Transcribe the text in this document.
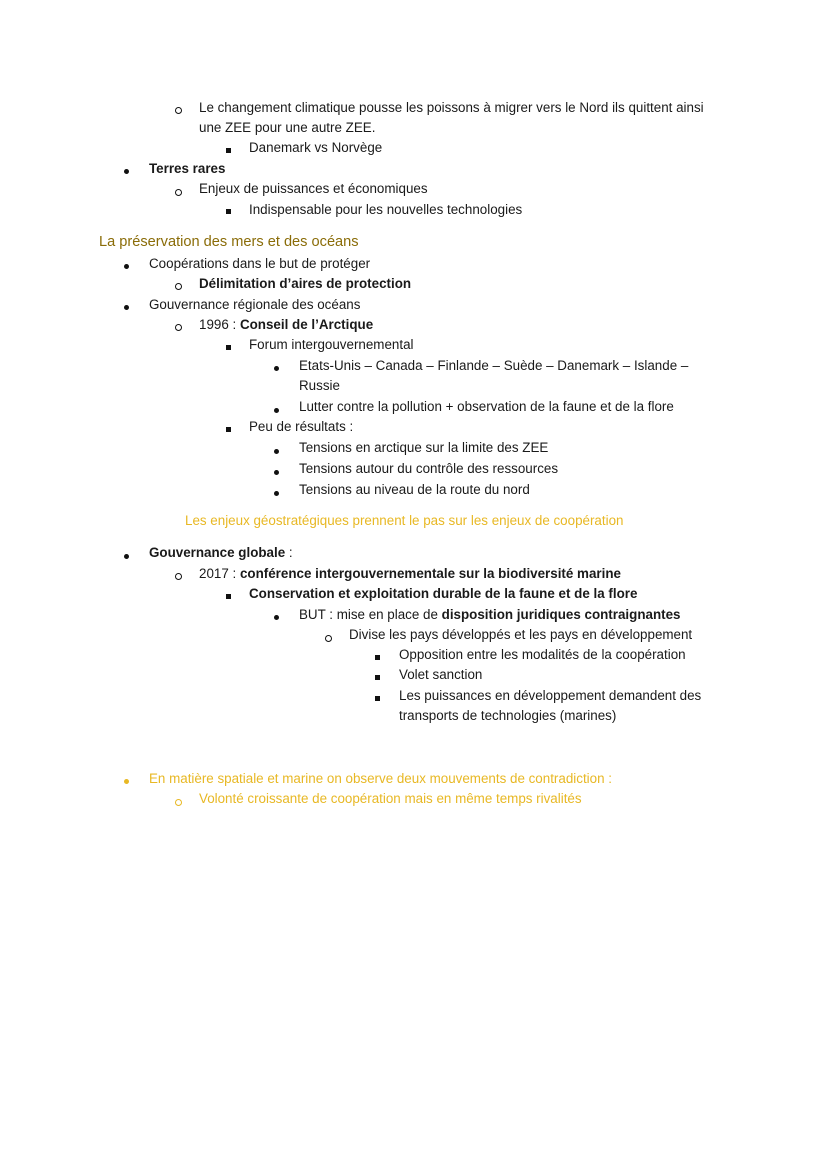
Le changement climatique pousse les poissons à migrer vers le Nord ils quittent ainsi
une ZEE pour une autre ZEE.
Danemark vs Norvège
Terres rares
Enjeux de puissances et économiques
Indispensable pour les nouvelles technologies
La préservation des mers et des océans
Coopérations dans le but de protéger
Délimitation d’aires de protection
Gouvernance régionale des océans
1996 : Conseil de l’Arctique
Forum intergouvernemental
Etats-Unis – Canada – Finlande – Suède – Danemark – Islande –
Russie
Lutter contre la pollution + observation de la faune et de la flore
Peu de résultats :
Tensions en arctique sur la limite des ZEE
Tensions autour du contrôle des ressources
Tensions au niveau de la route du nord
Les enjeux géostratégiques prennent le pas sur les enjeux de coopération
Gouvernance globale :
2017 : conférence intergouvernementale sur la biodiversité marine
Conservation et exploitation durable de la faune et de la flore
BUT : mise en place de disposition juridiques contraignantes
Divise les pays développés et les pays en développement
Opposition entre les modalités de la coopération
Volet sanction
Les puissances en développement demandent des
transports de technologies (marines)
En matière spatiale et marine on observe deux mouvements de contradiction :
Volonté croissante de coopération mais en même temps rivalités
